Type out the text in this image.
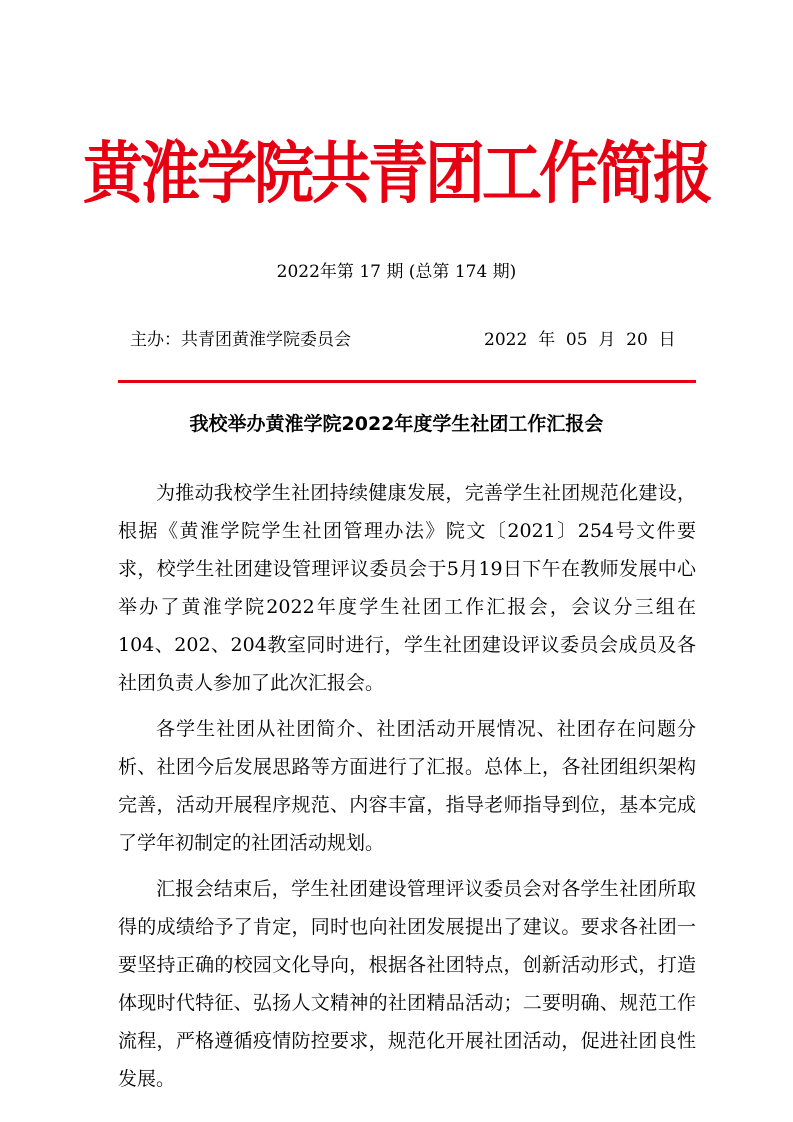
黄淮学院共青团工作简报
2022年第 17 期 (总第 174 期)
主办：共青团黄淮学院委员会	2022  年  05  月  20  日
我校举办黄淮学院2022年度学生社团工作汇报会

为推动我校学生社团持续健康发展，完善学生社团规范化建设，根据《黄淮学院学生社团管理办法》院文〔2021〕254号文件要求，校学生社团建设管理评议委员会于5月19日下午在教师发展中心举办了黄淮学院2022年度学生社团工作汇报会，会议分三组在104、202、204教室同时进行，学生社团建设评议委员会成员及各社团负责人参加了此次汇报会。

各学生社团从社团简介、社团活动开展情况、社团存在问题分析、社团今后发展思路等方面进行了汇报。总体上，各社团组织架构完善，活动开展程序规范、内容丰富，指导老师指导到位，基本完成了学年初制定的社团活动规划。

汇报会结束后，学生社团建设管理评议委员会对各学生社团所取得的成绩给予了肯定，同时也向社团发展提出了建议。要求各社团一要坚持正确的校园文化导向，根据各社团特点，创新活动形式，打造体现时代特征、弘扬人文精神的社团精品活动；二要明确、规范工作流程，严格遵循疫情防控要求，规范化开展社团活动，促进社团良性发展。
